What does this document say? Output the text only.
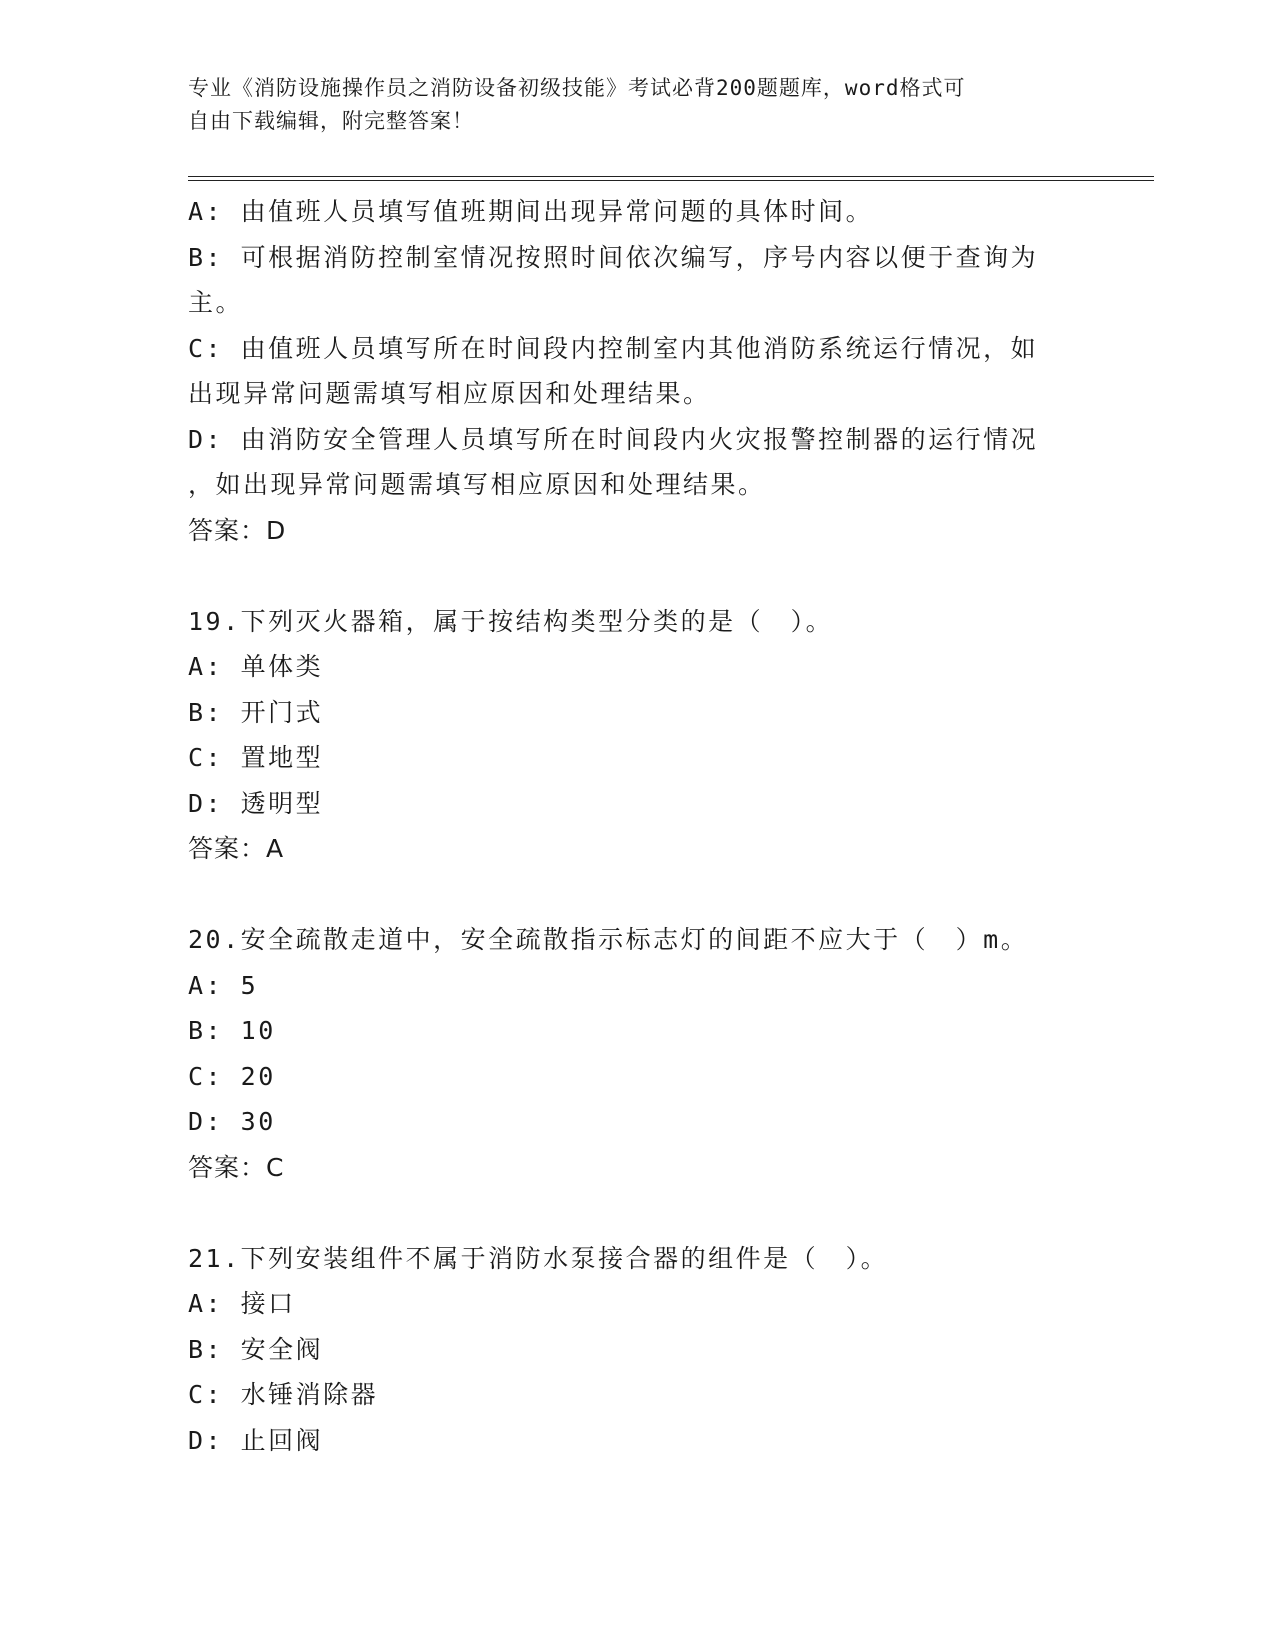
专业《消防设施操作员之消防设备初级技能》考试必背200题题库，word格式可
自由下载编辑，附完整答案！
A: 由值班人员填写值班期间出现异常问题的具体时间。
B: 可根据消防控制室情况按照时间依次编写，序号内容以便于查询为
主。
C: 由值班人员填写所在时间段内控制室内其他消防系统运行情况，如
出现异常问题需填写相应原因和处理结果。
D: 由消防安全管理人员填写所在时间段内火灾报警控制器的运行情况
，如出现异常问题需填写相应原因和处理结果。
答案：D
19.下列灭火器箱，属于按结构类型分类的是（　）。
A: 单体类
B: 开门式
C: 置地型
D: 透明型
答案：A
20.安全疏散走道中，安全疏散指示标志灯的间距不应大于（　）m。
A: 5
B: 10
C: 20
D: 30
答案：C
21.下列安装组件不属于消防水泵接合器的组件是（　）。
A: 接口
B: 安全阀
C: 水锤消除器
D: 止回阀
